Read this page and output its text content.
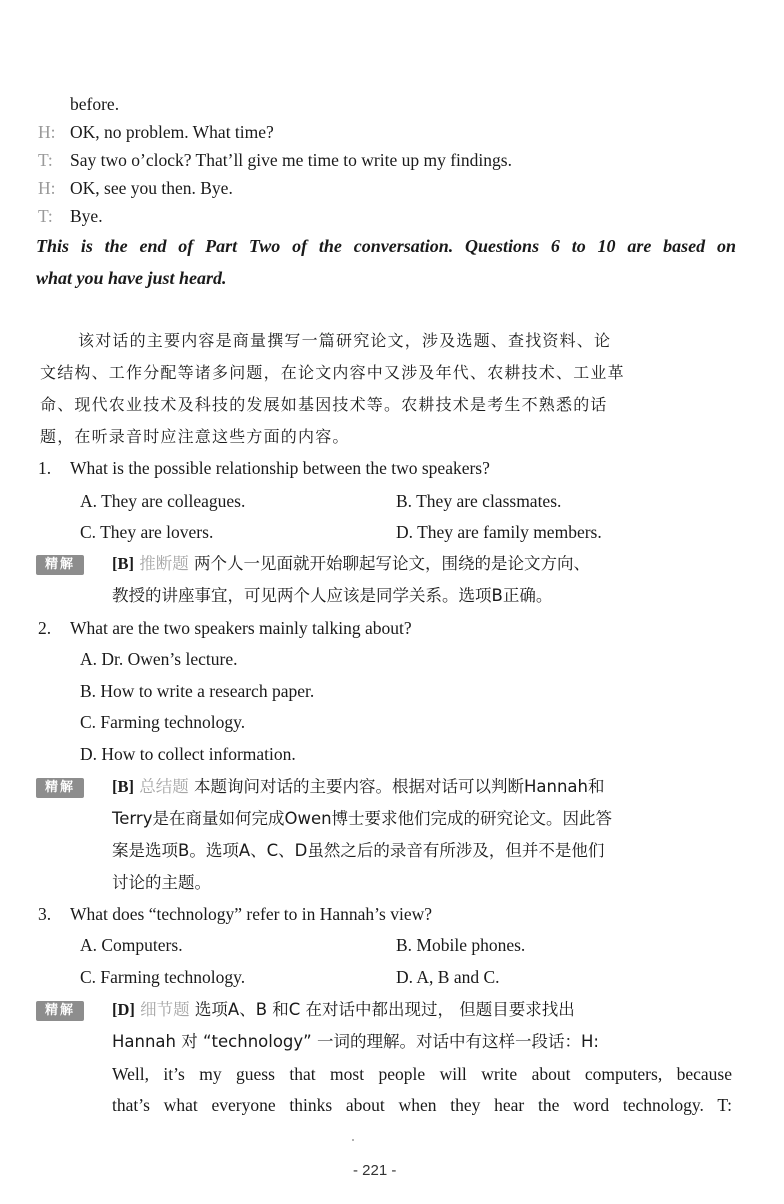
before.
H: OK, no problem. What time?
T: Say two o’clock? That’ll give me time to write up my findings.
H: OK, see you then. Bye.
T: Bye.
This is the end of Part Two of the conversation. Questions 6 to 10 are based on
what you have just heard.
该对话的主要内容是商量撰写一篇研究论文，涉及选题、查找资料、论
文结构、工作分配等诸多问题，在论文内容中又涉及年代、农耕技术、工业革
命、现代农业技术及科技的发展如基因技术等。农耕技术是考生不熟悉的话
题，在听录音时应注意这些方面的内容。
1. What is the possible relationship between the two speakers?
A. They are colleagues.	B. They are classmates.
C. They are lovers.	D. They are family members.
精解	[B] 推断题 两个人一见面就开始聊起写论文，围绕的是论文方向、
教授的讲座事宜，可见两个人应该是同学关系。选项B正确。
2. What are the two speakers mainly talking about?
A. Dr. Owen’s lecture.
B. How to write a research paper.
C. Farming technology.
D. How to collect information.
精解	[B] 总结题 本题询问对话的主要内容。根据对话可以判断Hannah和
Terry是在商量如何完成Owen博士要求他们完成的研究论文。因此答
案是选项B。选项A、C、D虽然之后的录音有所涉及，但并不是他们
讨论的主题。
3. What does “technology” refer to in Hannah’s view?
A. Computers.	B. Mobile phones.
C. Farming technology.	D. A, B and C.
精解	[D] 细节题 选项A、B 和C 在对话中都出现过， 但题目要求找出
Hannah 对 “technology” 一词的理解。对话中有这样一段话：H:
Well, it’s my guess that most people will write about computers, because
that’s what everyone thinks about when they hear the word technology. T:
- 221 -
